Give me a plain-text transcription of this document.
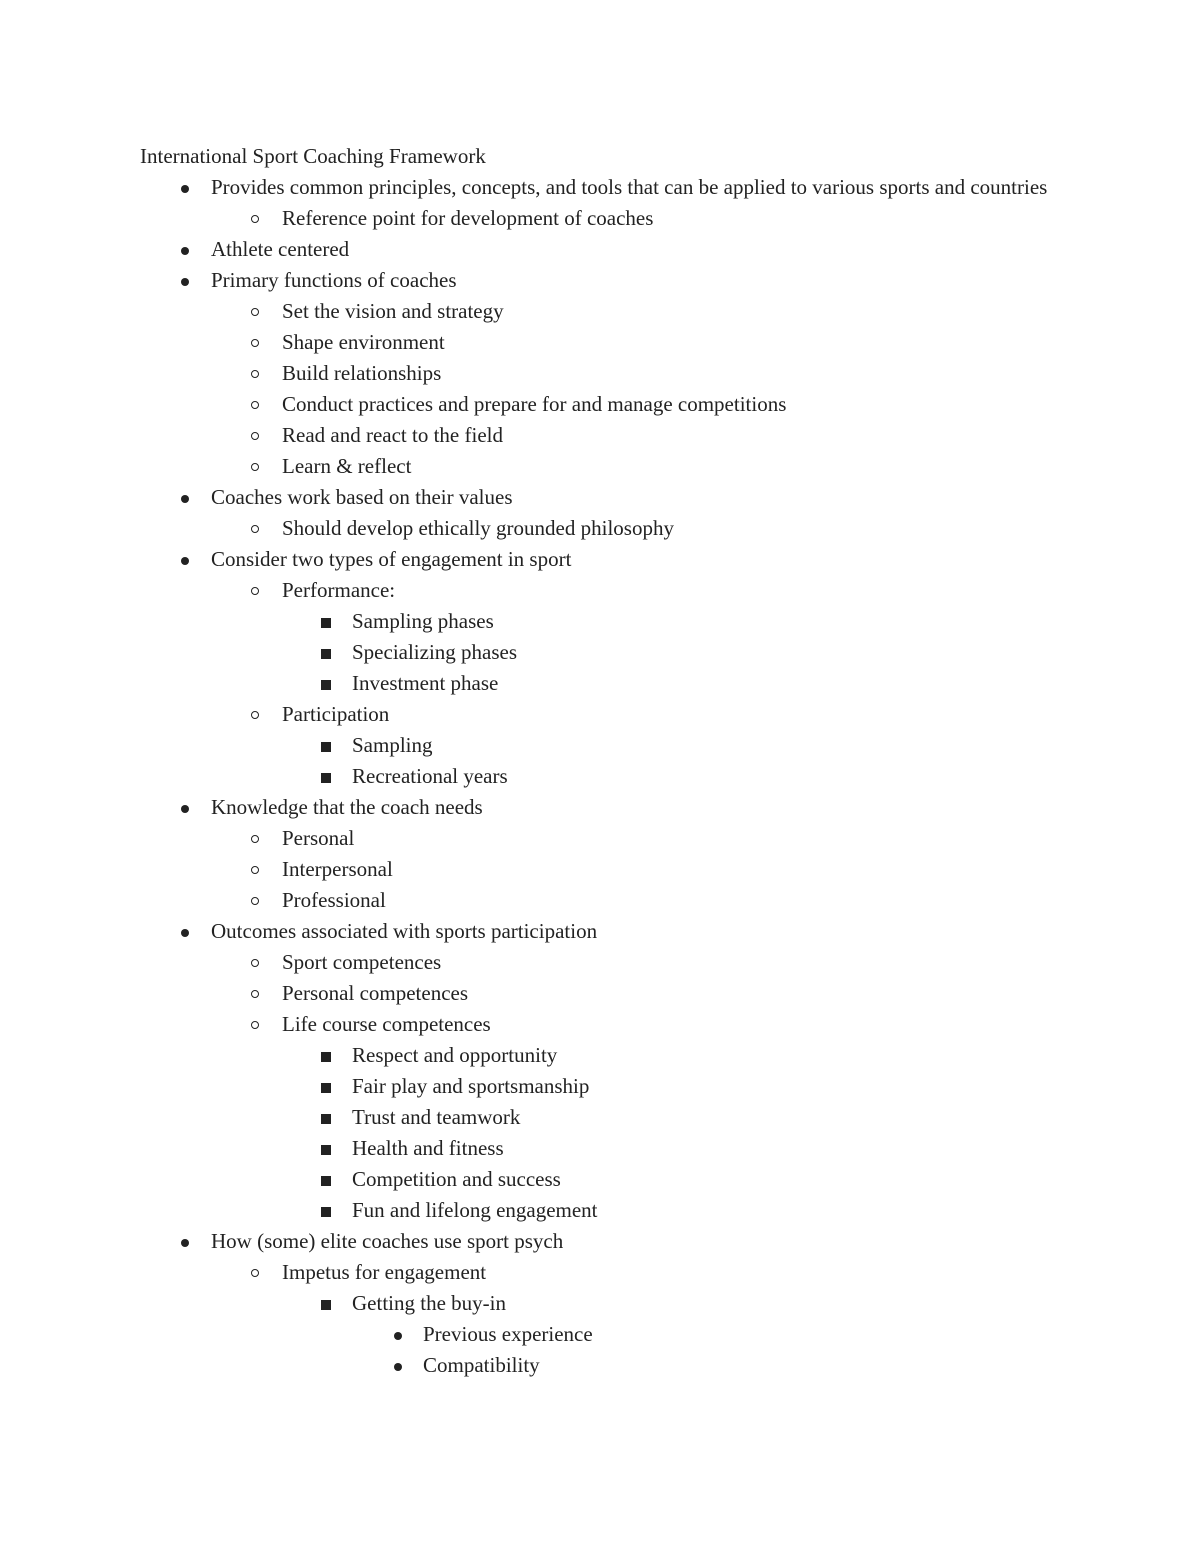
International Sport Coaching Framework
Provides common principles, concepts, and tools that can be applied to various sports and countries
Reference point for development of coaches
Athlete centered
Primary functions of coaches
Set the vision and strategy
Shape environment
Build relationships
Conduct practices and prepare for and manage competitions
Read and react to the field
Learn & reflect
Coaches work based on their values
Should develop ethically grounded philosophy
Consider two types of engagement in sport
Performance:
Sampling phases
Specializing phases
Investment phase
Participation
Sampling
Recreational years
Knowledge that the coach needs
Personal
Interpersonal
Professional
Outcomes associated with sports participation
Sport competences
Personal competences
Life course competences
Respect and opportunity
Fair play and sportsmanship
Trust and teamwork
Health and fitness
Competition and success
Fun and lifelong engagement
How (some) elite coaches use sport psych
Impetus for engagement
Getting the buy-in
Previous experience
Compatibility
